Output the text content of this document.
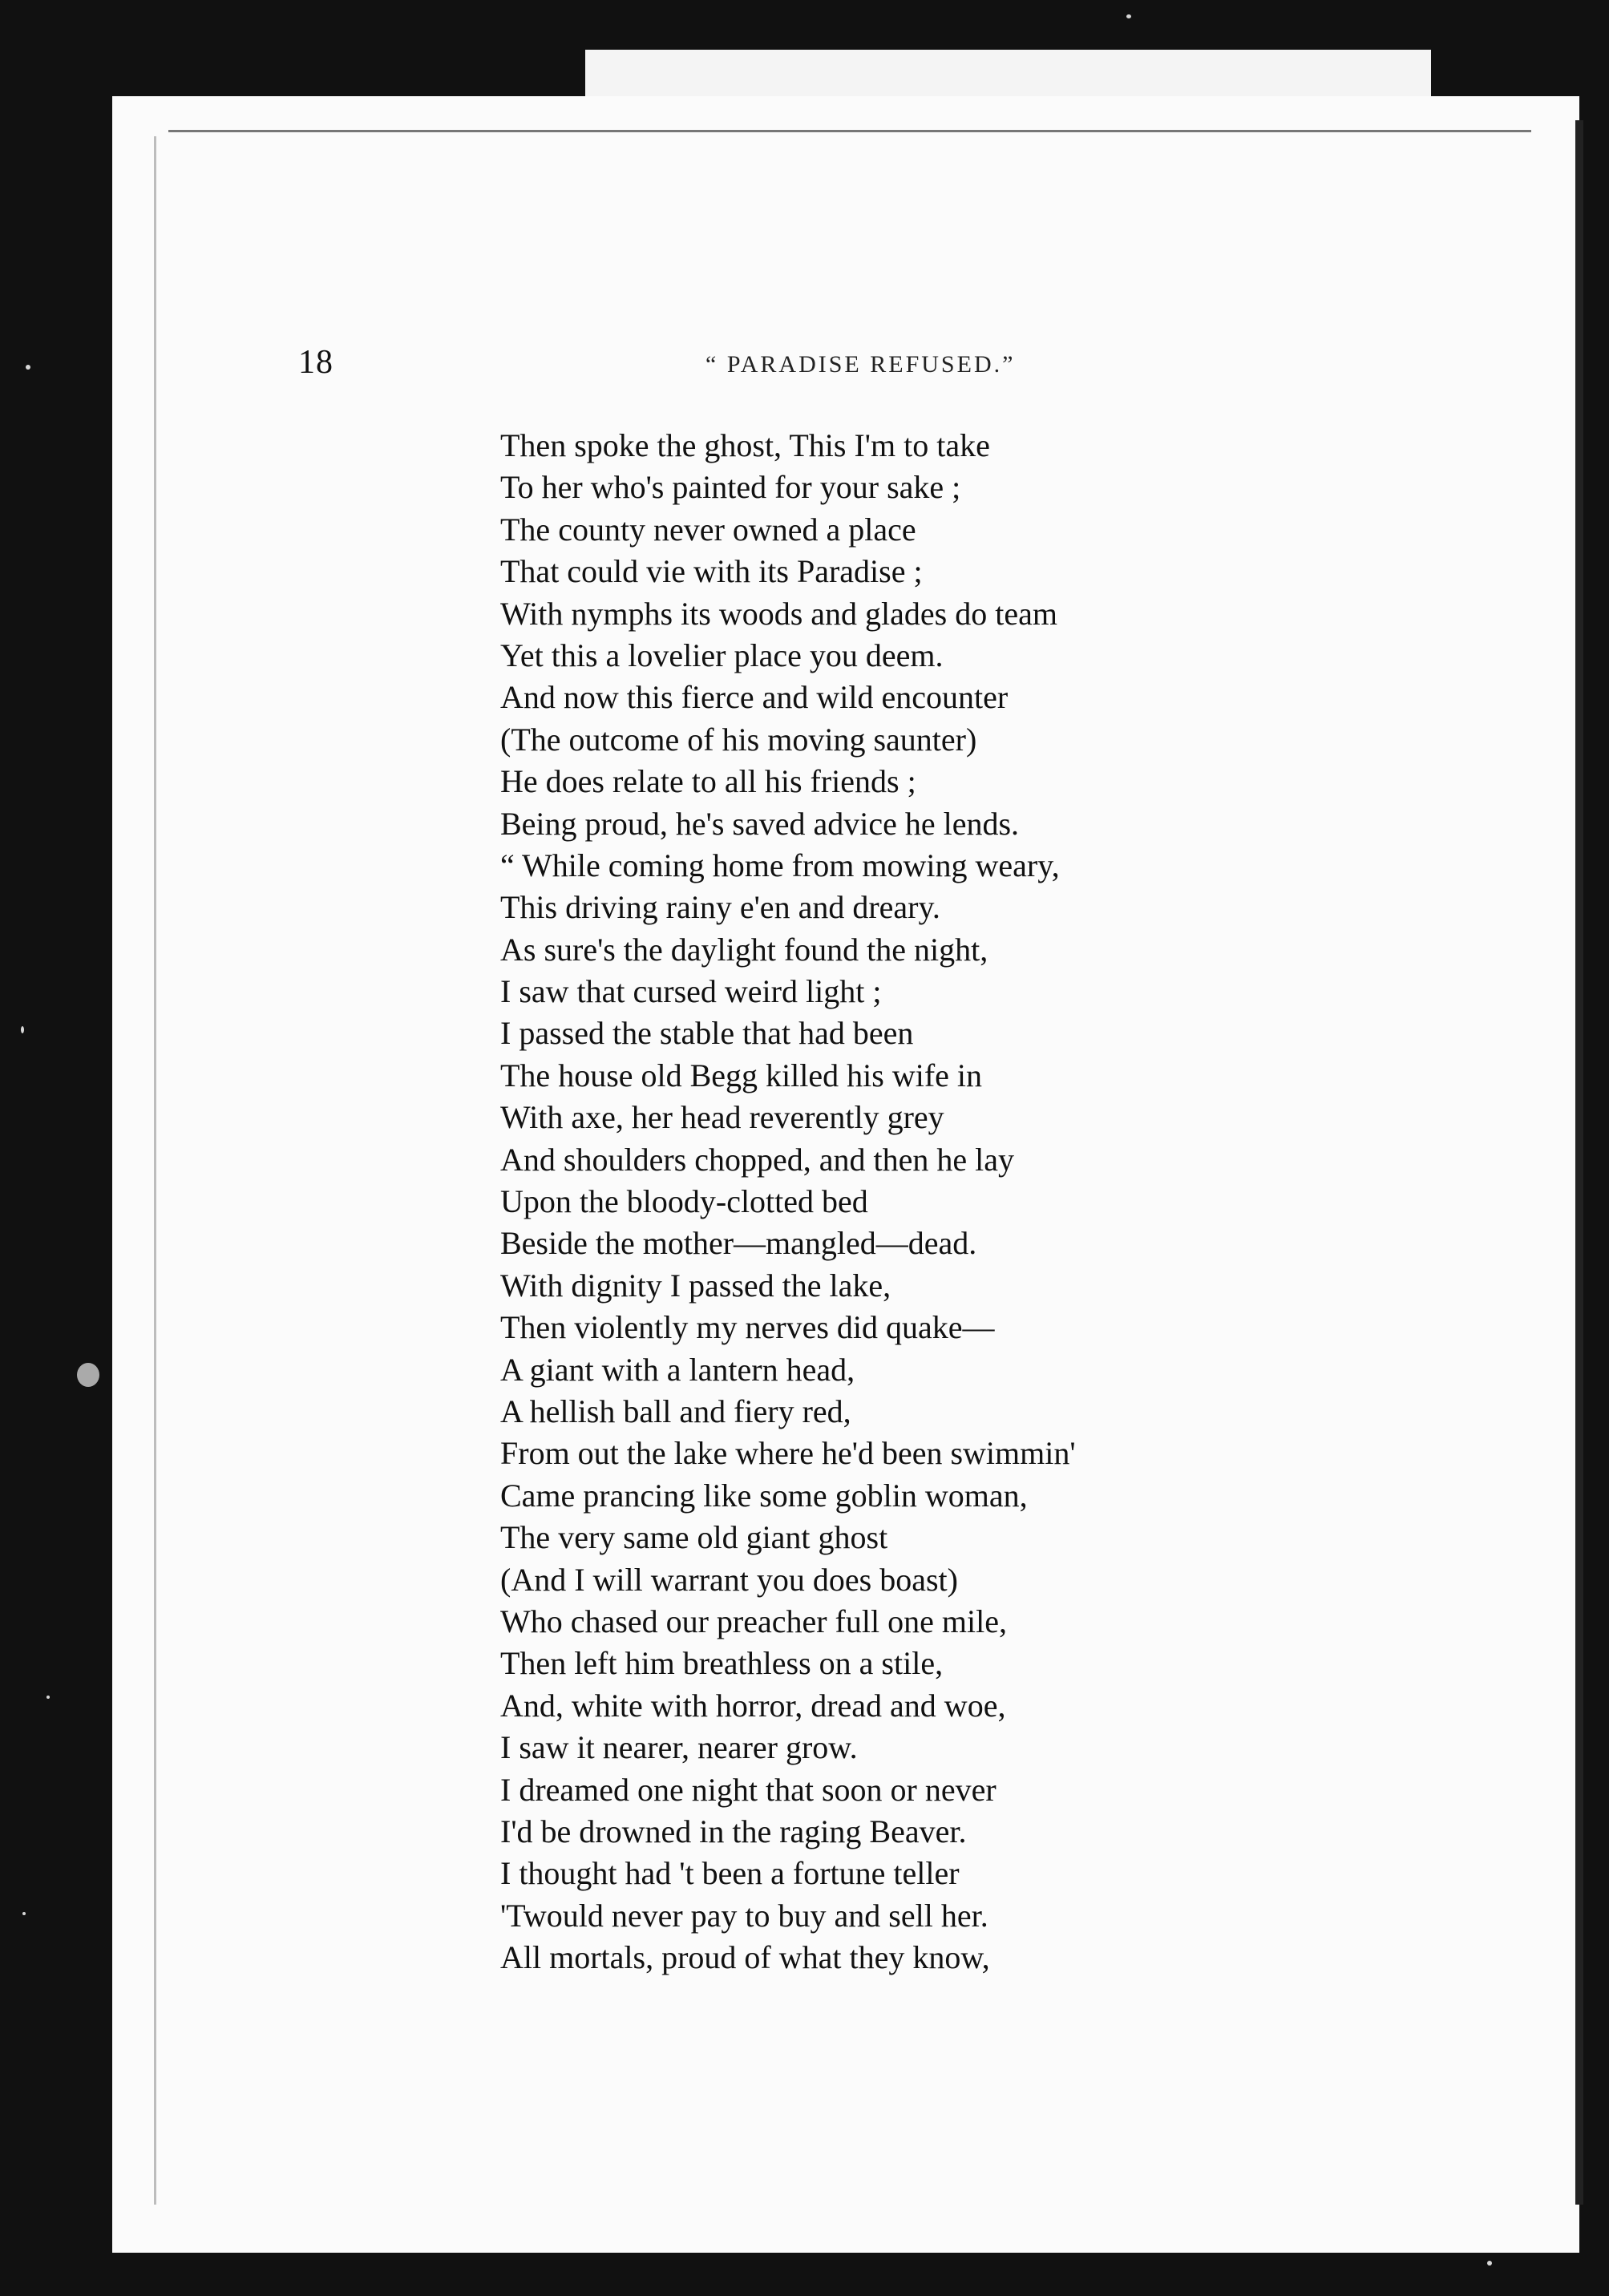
18	“ PARADISE REFUSED.”
Then spoke the ghost, This I'm to take
To her who's painted for your sake ;
The county never owned a place
That could vie with its Paradise ;
With nymphs its woods and glades do team
Yet this a lovelier place you deem.
And now this fierce and wild encounter
(The outcome of his moving saunter)
He does relate to all his friends ;
Being proud, he's saved advice he lends.
“ While coming home from mowing weary,
This driving rainy e'en and dreary.
As sure's the daylight found the night,
I saw that cursed weird light ;
I passed the stable that had been
The house old Begg killed his wife in
With axe, her head reverently grey
And shoulders chopped, and then he lay
Upon the bloody-clotted bed
Beside the mother—mangled—dead.
With dignity I passed the lake,
Then violently my nerves did quake—
A giant with a lantern head,
A hellish ball and fiery red,
From out the lake where he'd been swimmin'
Came prancing like some goblin woman,
The very same old giant ghost
(And I will warrant you does boast)
Who chased our preacher full one mile,
Then left him breathless on a stile,
And, white with horror, dread and woe,
I saw it nearer, nearer grow.
I dreamed one night that soon or never
I'd be drowned in the raging Beaver.
I thought had 't been a fortune teller
'Twould never pay to buy and sell her.
All mortals, proud of what they know,
